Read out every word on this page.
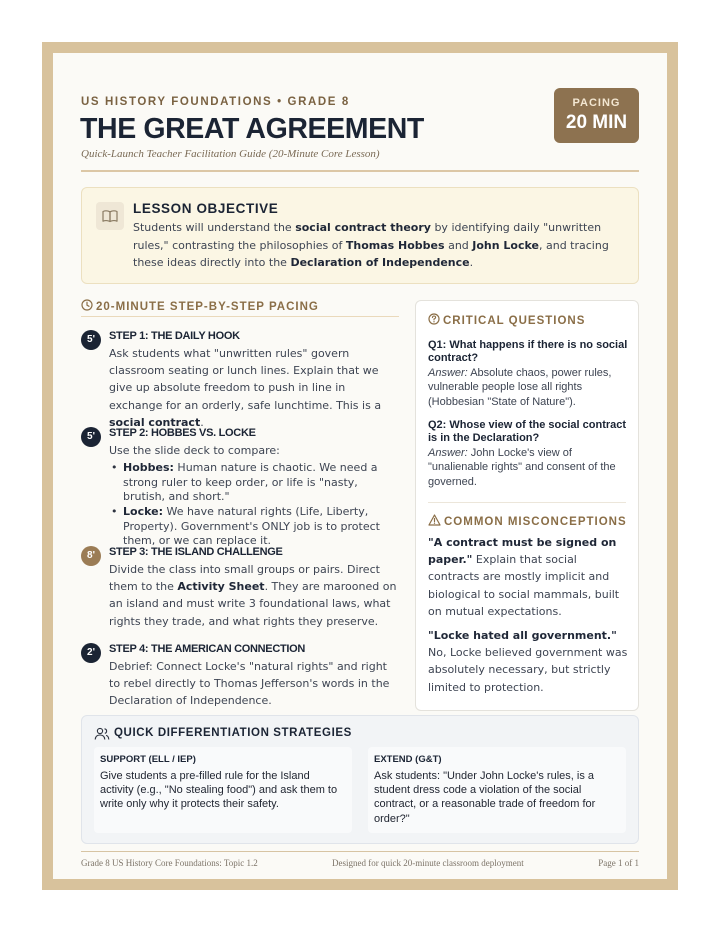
US HISTORY FOUNDATIONS • GRADE 8
THE GREAT AGREEMENT
Quick-Launch Teacher Facilitation Guide (20-Minute Core Lesson)
PACING
20 MIN
LESSON OBJECTIVE
Students will understand the social contract theory by identifying daily "unwritten rules," contrasting the philosophies of Thomas Hobbes and John Locke, and tracing these ideas directly into the Declaration of Independence.
20-MINUTE STEP-BY-STEP PACING
5'	STEP 1: THE DAILY HOOK
Ask students what "unwritten rules" govern classroom seating or lunch lines. Explain that we give up absolute freedom to push in line in exchange for an orderly, safe lunchtime. This is a social contract.
5'	STEP 2: HOBBES VS. LOCKE
Use the slide deck to compare:
• Hobbes: Human nature is chaotic. We need a strong ruler to keep order, or life is "nasty, brutish, and short."
• Locke: We have natural rights (Life, Liberty, Property). Government's ONLY job is to protect them, or we can replace it.
8'	STEP 3: THE ISLAND CHALLENGE
Divide the class into small groups or pairs. Direct them to the Activity Sheet. They are marooned on an island and must write 3 foundational laws, what rights they trade, and what rights they preserve.
2'	STEP 4: THE AMERICAN CONNECTION
Debrief: Connect Locke's "natural rights" and right to rebel directly to Thomas Jefferson's words in the Declaration of Independence.
CRITICAL QUESTIONS
Q1: What happens if there is no social contract?
Answer: Absolute chaos, power rules, vulnerable people lose all rights (Hobbesian "State of Nature").
Q2: Whose view of the social contract is in the Declaration?
Answer: John Locke's view of "unalienable rights" and consent of the governed.
COMMON MISCONCEPTIONS
"A contract must be signed on paper." Explain that social contracts are mostly implicit and biological to social mammals, built on mutual expectations.
"Locke hated all government." No, Locke believed government was absolutely necessary, but strictly limited to protection.
QUICK DIFFERENTIATION STRATEGIES
SUPPORT (ELL / IEP)
Give students a pre-filled rule for the Island activity (e.g., "No stealing food") and ask them to write only why it protects their safety.
EXTEND (G&T)
Ask students: "Under John Locke's rules, is a student dress code a violation of the social contract, or a reasonable trade of freedom for order?"
Grade 8 US History Core Foundations: Topic 1.2	Designed for quick 20-minute classroom deployment	Page 1 of 1
